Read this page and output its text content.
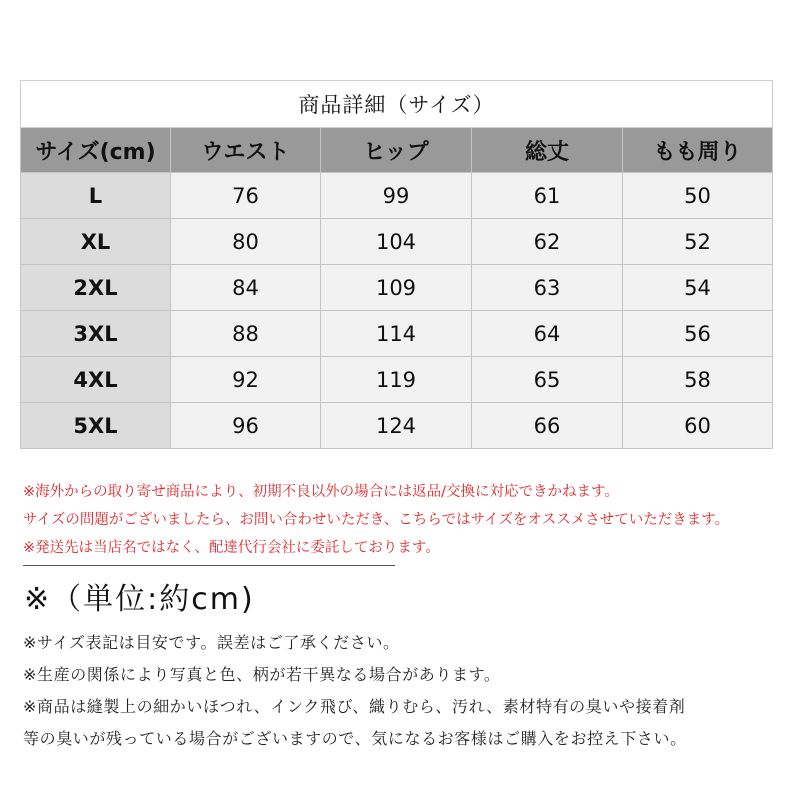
商品詳細（サイズ）				
サイズ(cm)	ウエスト	ヒップ	総丈	もも周り
L	76	99	61	50
XL	80	104	62	52
2XL	84	109	63	54
3XL	88	114	64	56
4XL	92	119	65	58
5XL	96	124	66	60
※海外からの取り寄せ商品により、初期不良以外の場合には返品/交換に対応できかねます。
サイズの問題がございましたら、お問い合わせいただき、こちらではサイズをオススメさせていただきます。
※発送先は当店名ではなく、配達代行会社に委託しております。
※（単位:約cm)
※サイズ表記は目安です。誤差はご了承ください。
※生産の関係により写真と色、柄が若干異なる場合があります。
※商品は縫製上の細かいほつれ、インク飛び、織りむら、汚れ、素材特有の臭いや接着剤
等の臭いが残っている場合がございますので、気になるお客様はご購入をお控え下さい。
